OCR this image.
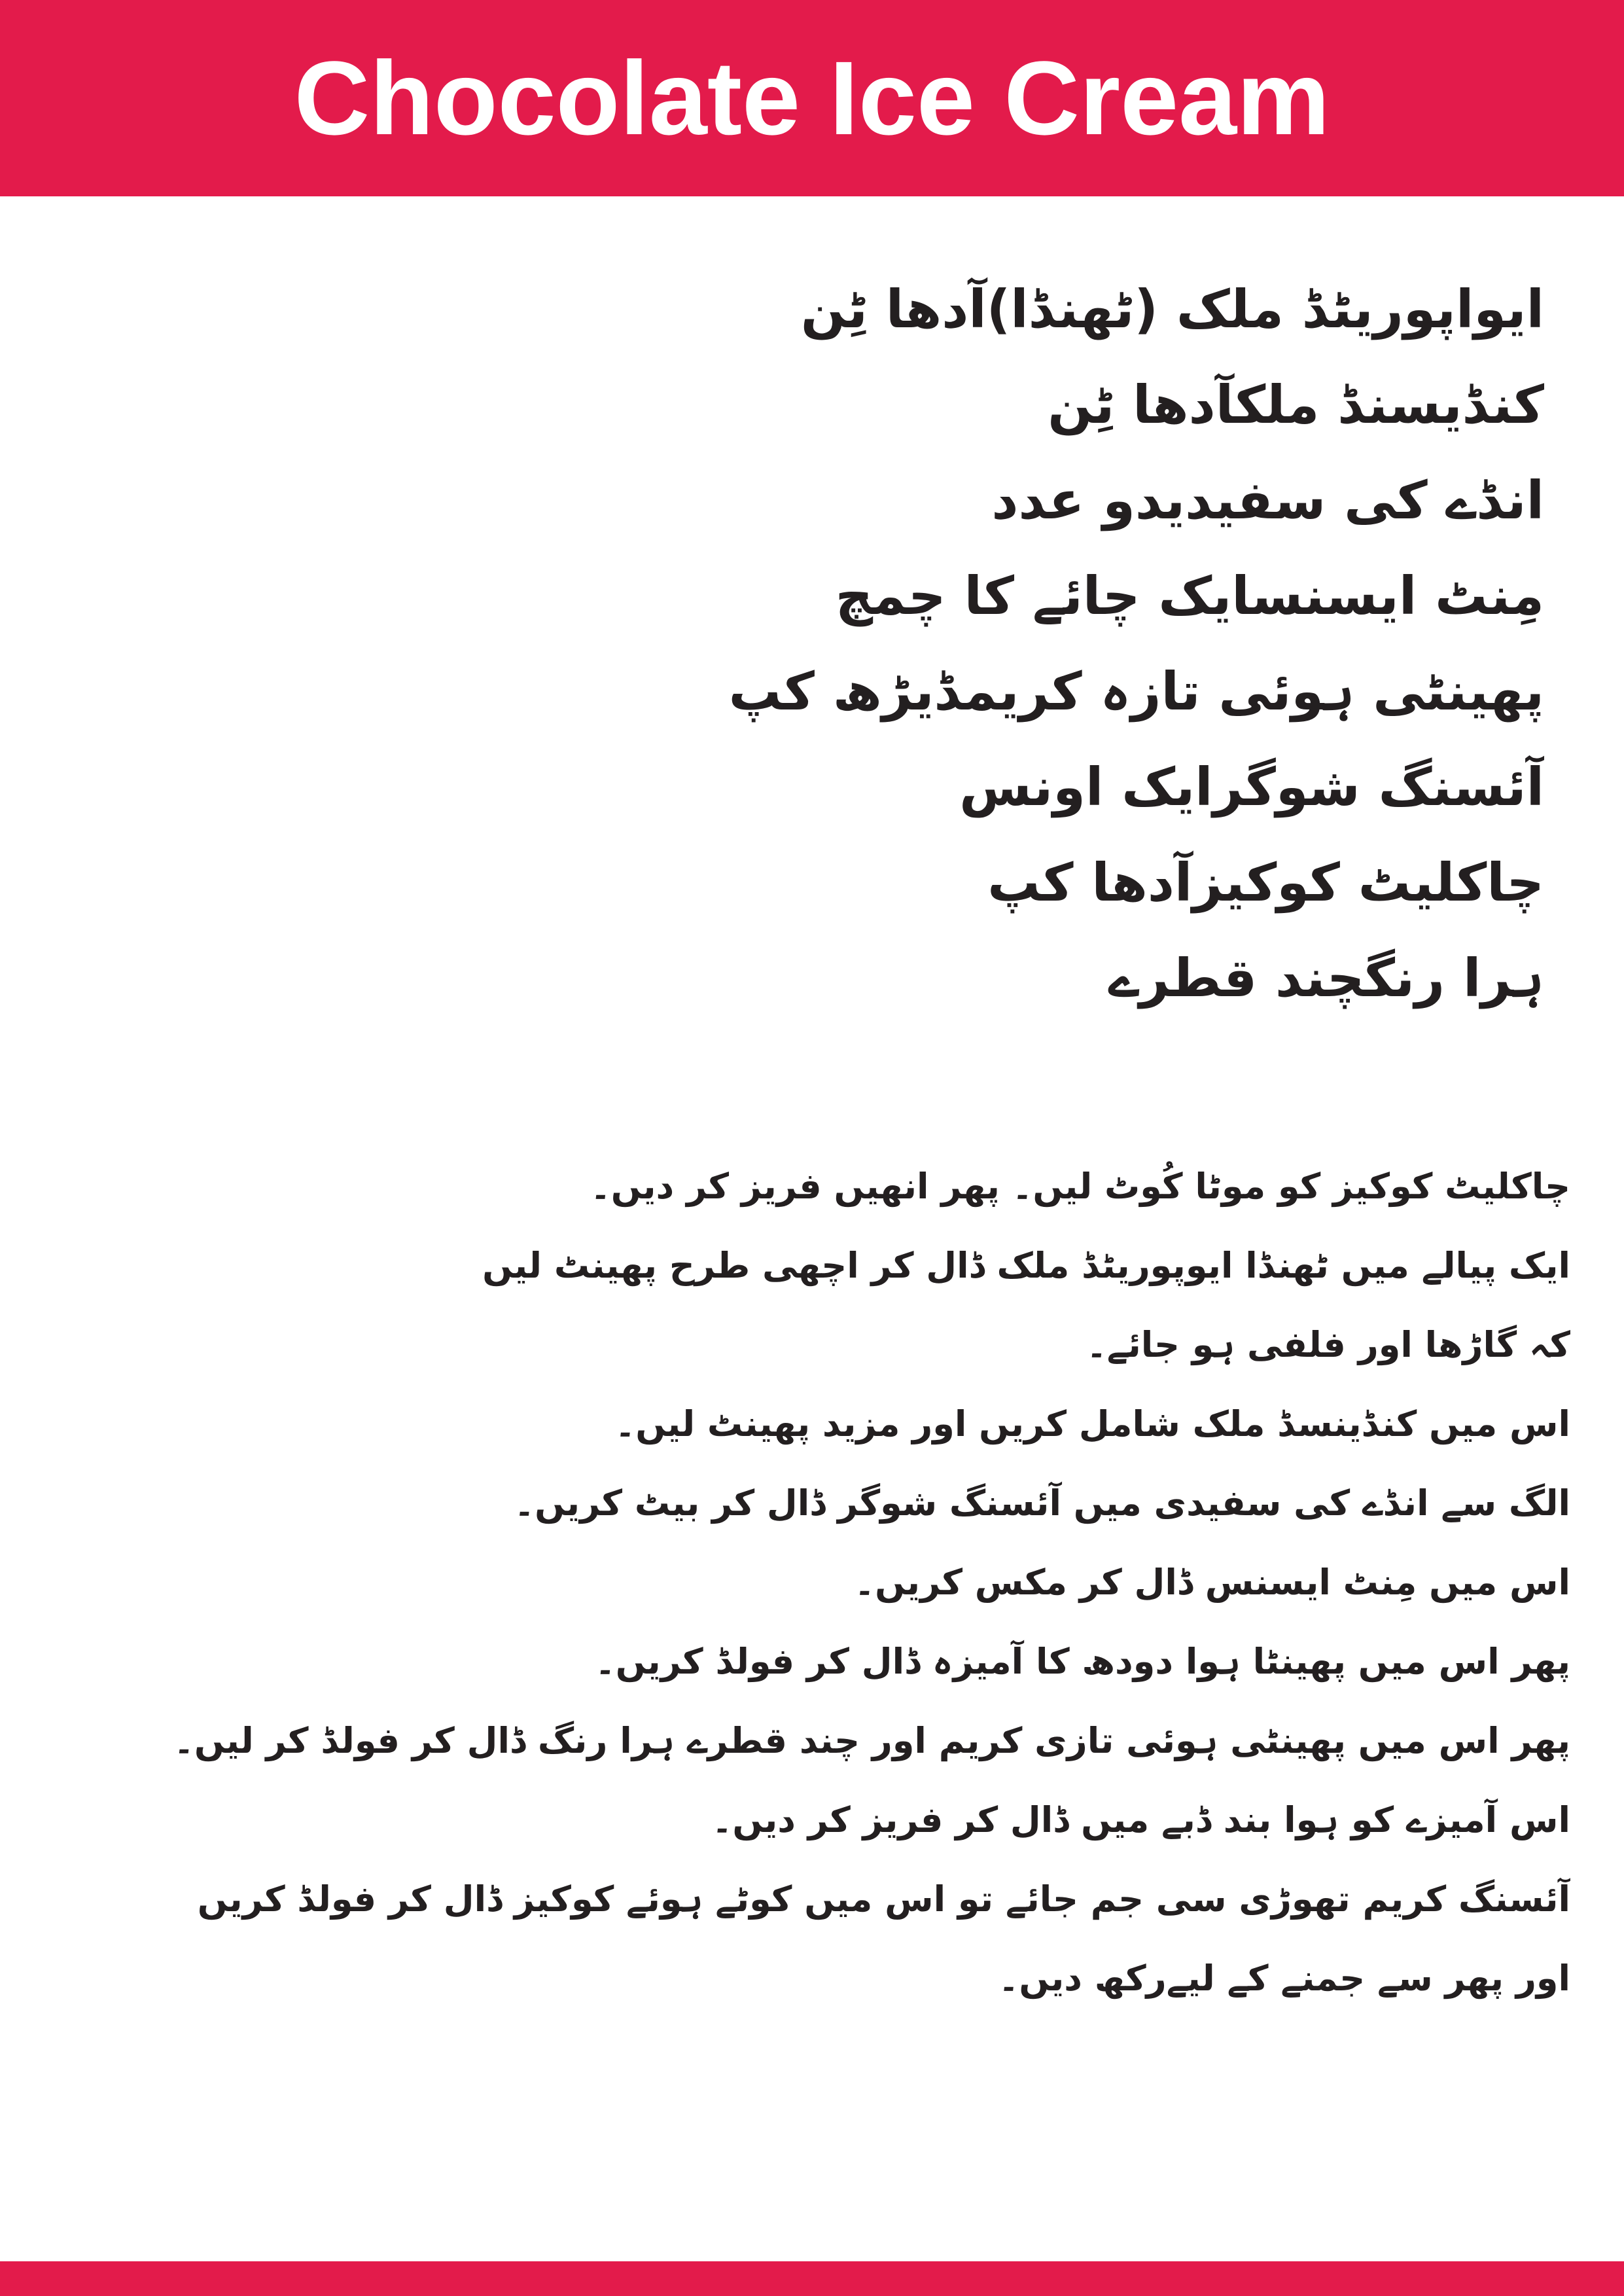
Chocolate Ice Cream
ایواپوریٹڈ ملک (ٹھنڈا)آدھا ٹِن
کنڈیسنڈ ملکآدھا ٹِن
انڈے کی سفیدیدو عدد
مِنٹ ایسنسایک چائے کا چمچ
پھینٹی ہوئی تازہ کریمڈیڑھ کپ
آئسنگ شوگرایک اونس
چاکلیٹ کوکیزآدھا کپ
ہرا رنگچند قطرے
چاکلیٹ کوکیز کو موٹا کُوٹ لیں۔ پھر انھیں فریز کر دیں۔
ایک پیالے میں ٹھنڈا ایوپوریٹڈ ملک ڈال کر اچھی طرح پھینٹ لیں
کہ گاڑھا اور فلفی ہو جائے۔
اس میں کنڈینسڈ ملک شامل کریں اور مزید پھینٹ لیں۔
الگ سے انڈے کی سفیدی میں آئسنگ شوگر ڈال کر بیٹ کریں۔
اس میں مِنٹ ایسنس ڈال کر مکس کریں۔
پھر اس میں پھینٹا ہوا دودھ کا آمیزہ ڈال کر فولڈ کریں۔
پھر اس میں پھینٹی ہوئی تازی کریم اور چند قطرے ہرا رنگ ڈال کر فولڈ کر لیں۔
اس آمیزے کو ہوا بند ڈبے میں ڈال کر فریز کر دیں۔
آئسنگ کریم تھوڑی سی جم جائے تو اس میں کوٹے ہوئے کوکیز ڈال کر فولڈ کریں
اور پھر سے جمنے کے لیےرکھ دیں۔
